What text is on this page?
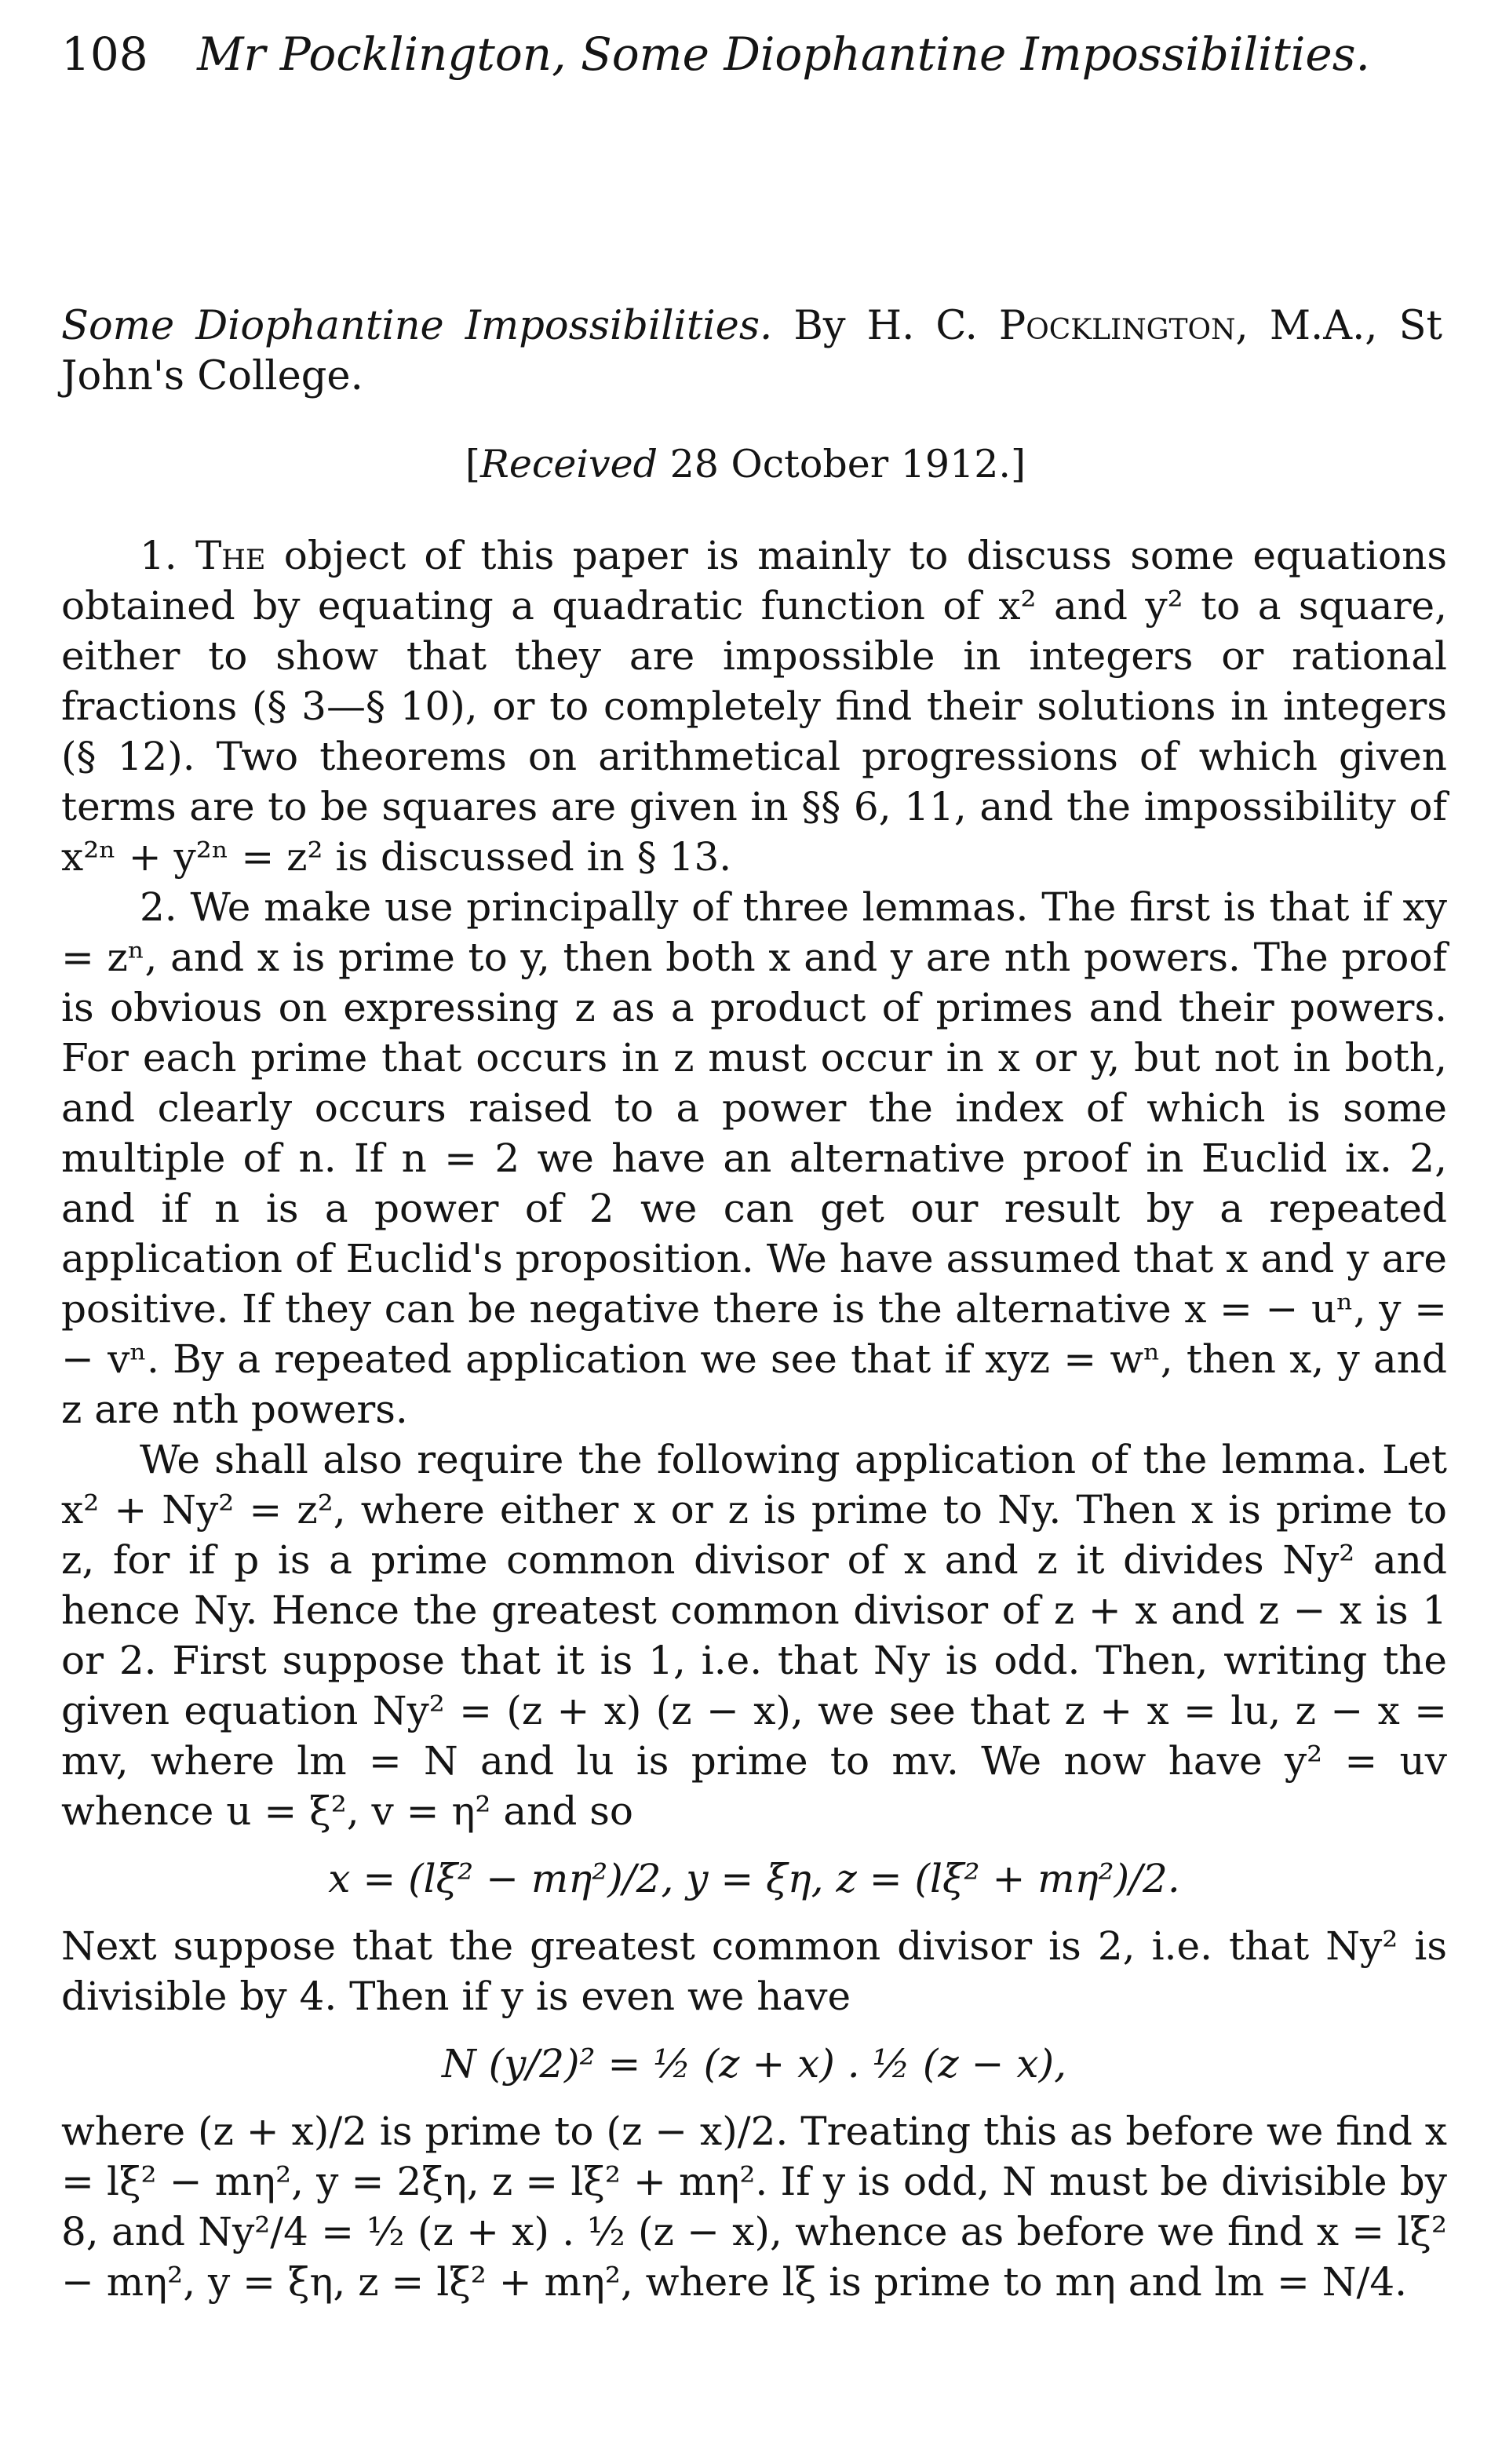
108 Mr Pocklington, Some Diophantine Impossibilities.
Some Diophantine Impossibilities. By H. C. Pocklington, M.A., St John's College.
[Received 28 October 1912.]

1. The object of this paper is mainly to discuss some equations obtained by equating a quadratic function of x² and y² to a square, either to show that they are impossible in integers or rational fractions (§ 3—§ 10), or to completely find their solutions in integers (§ 12). Two theorems on arithmetical progressions of which given terms are to be squares are given in §§ 6, 11, and the impossibility of x²ⁿ + y²ⁿ = z² is discussed in § 13.

2. We make use principally of three lemmas. The first is that if xy = zⁿ, and x is prime to y, then both x and y are nth powers. The proof is obvious on expressing z as a product of primes and their powers. For each prime that occurs in z must occur in x or y, but not in both, and clearly occurs raised to a power the index of which is some multiple of n. If n = 2 we have an alternative proof in Euclid ix. 2, and if n is a power of 2 we can get our result by a repeated application of Euclid's proposition. We have assumed that x and y are positive. If they can be negative there is the alternative x = − uⁿ, y = − vⁿ. By a repeated application we see that if xyz = wⁿ, then x, y and z are nth powers.

We shall also require the following application of the lemma. Let x² + Ny² = z², where either x or z is prime to Ny. Then x is prime to z, for if p is a prime common divisor of x and z it divides Ny² and hence Ny. Hence the greatest common divisor of z + x and z − x is 1 or 2. First suppose that it is 1, i.e. that Ny is odd. Then, writing the given equation Ny² = (z + x) (z − x), we see that z + x = lu, z − x = mv, where lm = N and lu is prime to mv. We now have y² = uv whence u = ξ², v = η² and so

x = (lξ² − mη²)/2, y = ξη, z = (lξ² + mη²)/2.

Next suppose that the greatest common divisor is 2, i.e. that Ny² is divisible by 4. Then if y is even we have

N (y/2)² = ½ (z + x) . ½ (z − x),

where (z + x)/2 is prime to (z − x)/2. Treating this as before we find x = lξ² − mη², y = 2ξη, z = lξ² + mη². If y is odd, N must be divisible by 8, and Ny²/4 = ½ (z + x) . ½ (z − x), whence as before we find x = lξ² − mη², y = ξη, z = lξ² + mη², where lξ is prime to mη and lm = N/4.
